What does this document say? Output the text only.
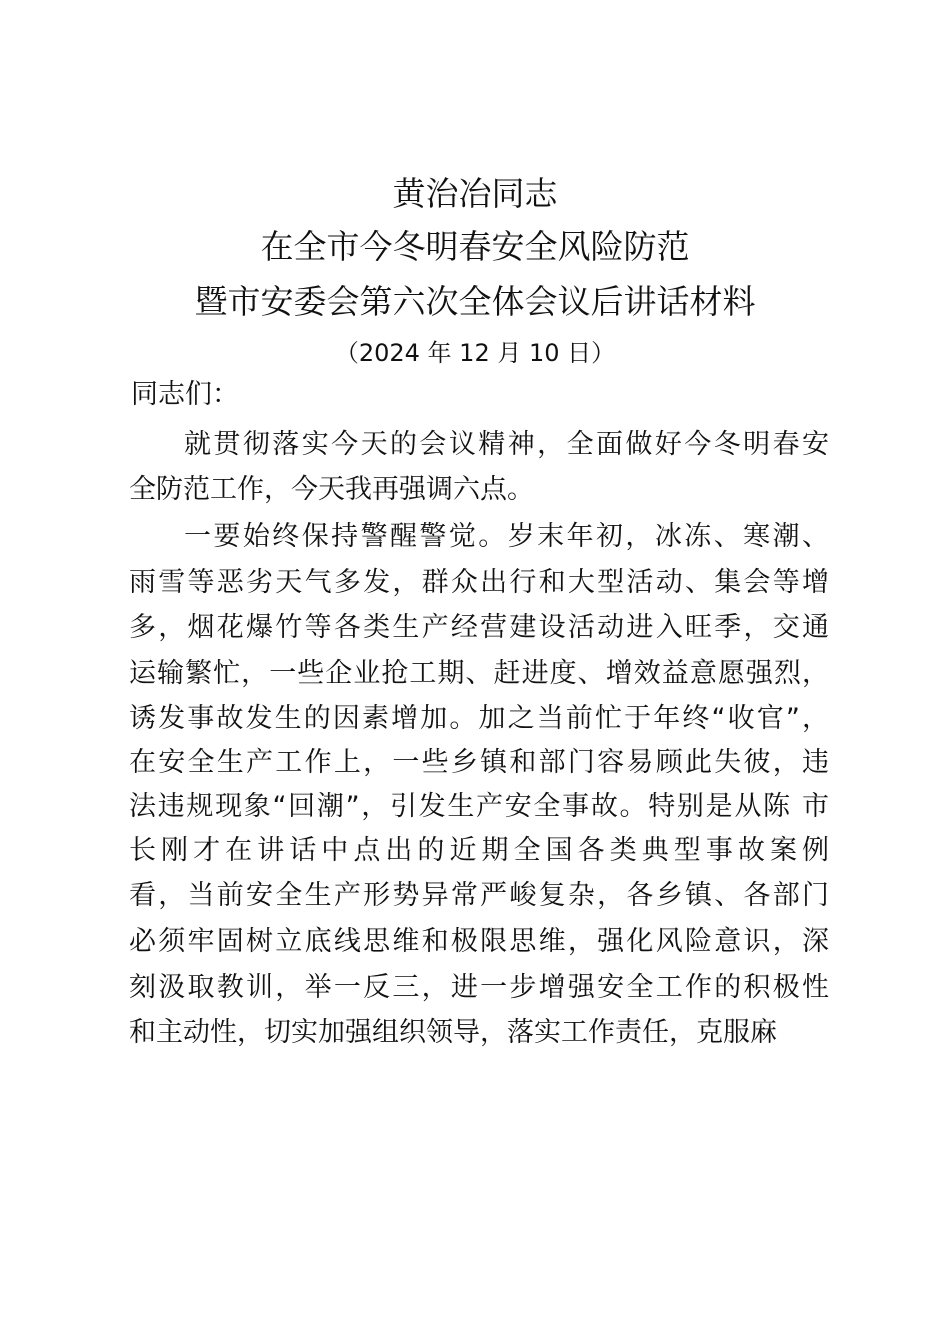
黄治冶同志
在全市今冬明春安全风险防范
暨市安委会第六次全体会议后讲话材料
（2024 年 12 月 10 日）
同志们：
就贯彻落实今天的会议精神，全面做好今冬明春安
全防范工作，今天我再强调六点。
一要始终保持警醒警觉。岁末年初，冰冻、寒潮、
雨雪等恶劣天气多发，群众出行和大型活动、集会等增
多，烟花爆竹等各类生产经营建设活动进入旺季，交通
运输繁忙，一些企业抢工期、赶进度、增效益意愿强烈，
诱发事故发生的因素增加。加之当前忙于年终“收官”，
在安全生产工作上，一些乡镇和部门容易顾此失彼，违
法违规现象“回潮”，引发生产安全事故。特别是从陈 市
长刚才在讲话中点出的近期全国各类典型事故案例
看，当前安全生产形势异常严峻复杂，各乡镇、各部门
必须牢固树立底线思维和极限思维，强化风险意识，深
刻汲取教训，举一反三，进一步增强安全工作的积极性
和主动性，切实加强组织领导，落实工作责任，克服麻
